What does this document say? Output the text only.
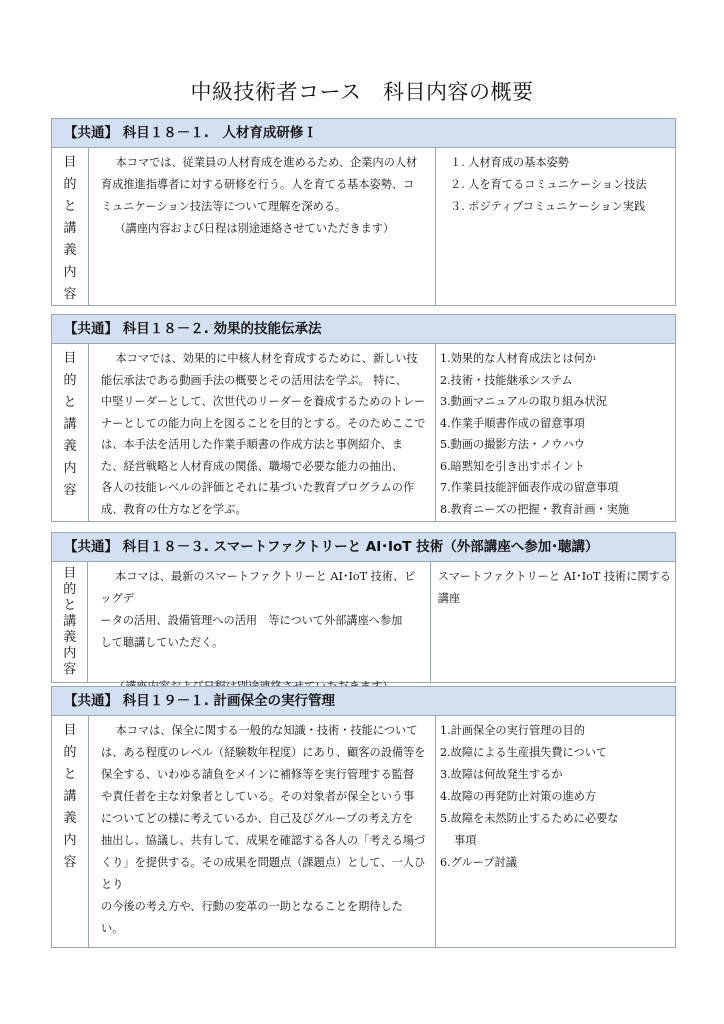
中級技術者コース　科目内容の概要
【共通】 科目１８－１.　人材育成研修Ｉ
目
的
と
講
義
内
容

本コマでは、従業員の人材育成を進めるため、企業内の人材

育成推進指導者に対する研修を行う。人を育てる基本姿勢、コ

ミュニケーション技法等について理解を深める。

（講座内容および日程は別途連絡させていただきます）

１. 人材育成の基本姿勢
２. 人を育てるコミュニケーション技法
３. ポジティブコミュニケーション実践
【共通】 科目１８－２. 効果的技能伝承法
目
的
と
講
義
内
容

本コマでは、効果的に中核人材を育成するために、新しい技

能伝承法である動画手法の概要とその活用法を学ぶ。 特に、

中堅リーダーとして、次世代のリーダーを養成するためのトレー

ナーとしての能力向上を図ることを目的とする。そのためここで

は、本手法を活用した作業手順書の作成方法と事例紹介、ま

た、経営戦略と人材育成の関係、職場で必要な能力の抽出、

各人の技能レベルの評価とそれに基づいた教育プログラムの作

成、教育の仕方などを学ぶ。

1.効果的な人材育成法とは何か
2.技術・技能継承システム
3.動画マニュアルの取り組み状況
4.作業手順書作成の留意事項
5.動画の撮影方法・ノウハウ
6.暗黙知を引き出すポイント
7.作業員技能評価表作成の留意事項
8.教育ニーズの把握・教育計画・実施
【共通】 科目１８－３. スマートファクトリーと AI･IoT 技術（外部講座へ参加･聴講）
目
的
と
講
義
内
容

本コマは、最新のスマートファクトリーと AI･IoT 技術、ビッグデ

ータの活用、設備管理への活用　等について外部講座へ参加

して聴講していただく。

スマートファクトリーと AI･IoT 技術に関する
講座
【共通】 科目１９－１. 計画保全の実行管理
目
的
と
講
義
内
容

本コマは、保全に関する一般的な知識・技術・技能について

は、ある程度のレベル（経験数年程度）にあり、顧客の設備等を

保全する、いわゆる請負をメインに補修等を実行管理する監督

や責任者を主な対象者としている。その対象者が保全という事

についてどの様に考えているか、自己及びグループの考え方を

抽出し、協議し、共有して、成果を確認する各人の「考える場づ

くり」を提供する。その成果を問題点（課題点）として、一人ひとり

の今後の考え方や、行動の変革の一助となることを期待した

い。

1.計画保全の実行管理の目的
2.故障による生産損失費について
3.故障は何故発生するか
4.故障の再発防止対策の進め方
5.故障を未然防止するために必要な
事項
6.グループ討議
